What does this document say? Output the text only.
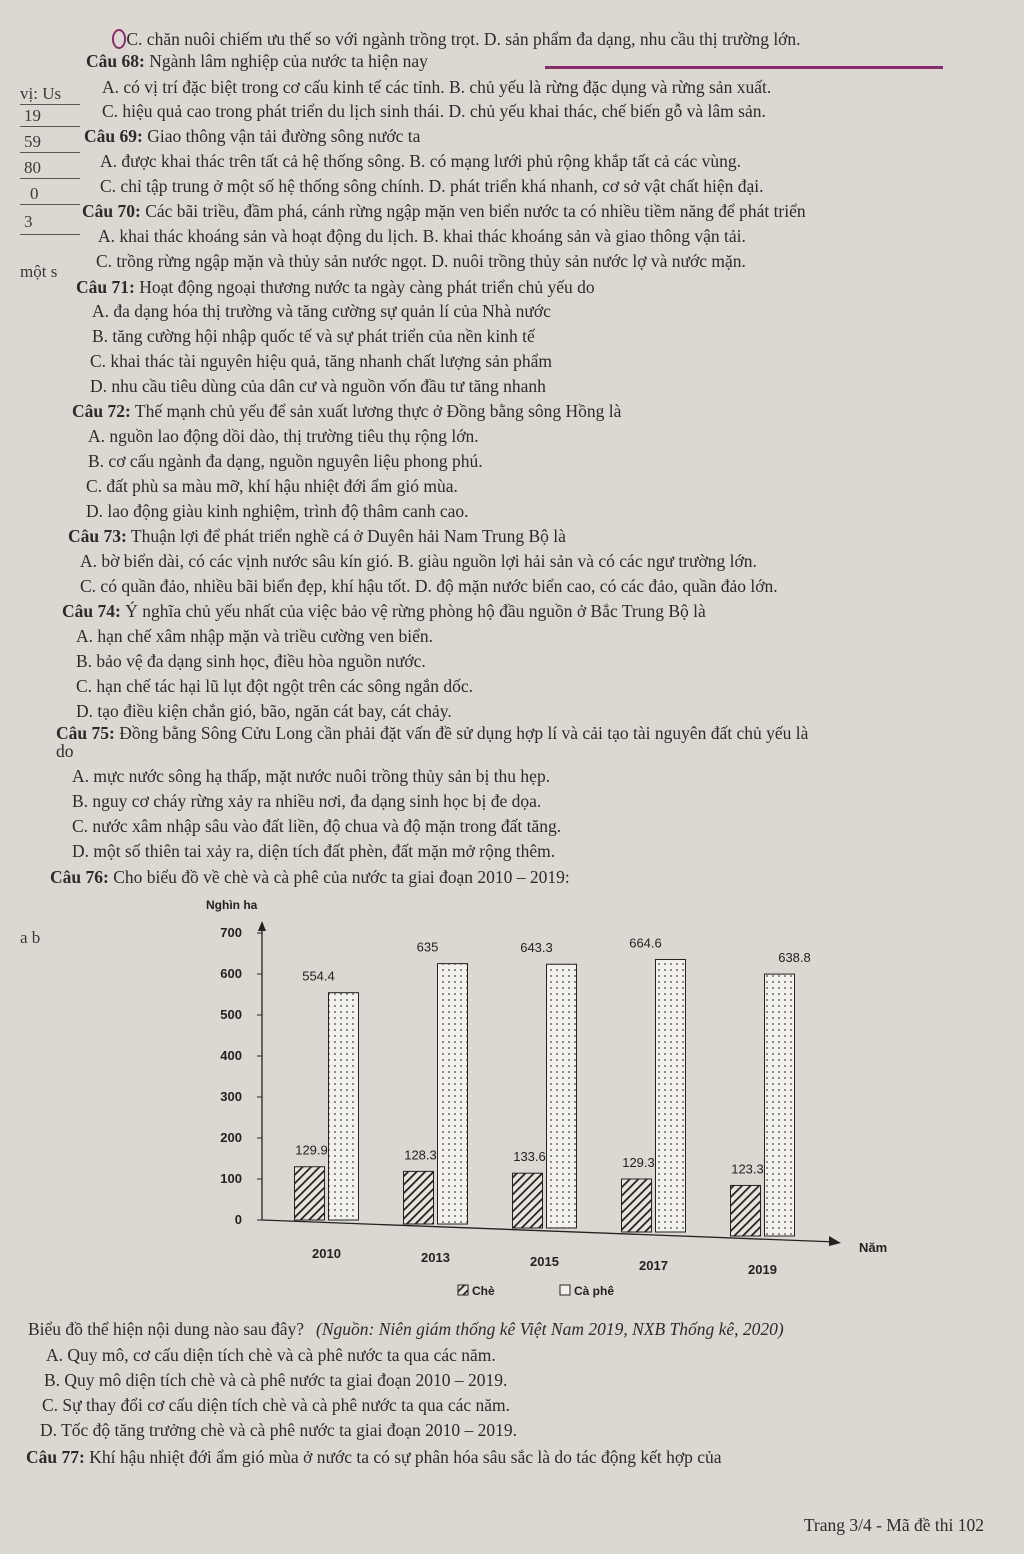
vị: Us
19
59
80
0
3
một s
a b
C. chăn nuôi chiếm ưu thế so với ngành trồng trọt. D. sản phẩm đa dạng, nhu cầu thị trường lớn.
Câu 68: Ngành lâm nghiệp của nước ta hiện nay
A. có vị trí đặc biệt trong cơ cấu kinh tế các tỉnh. B. chủ yếu là rừng đặc dụng và rừng sản xuất.
C. hiệu quả cao trong phát triển du lịch sinh thái. D. chủ yếu khai thác, chế biến gỗ và lâm sản.
Câu 69: Giao thông vận tải đường sông nước ta
A. được khai thác trên tất cả hệ thống sông. B. có mạng lưới phủ rộng khắp tất cả các vùng.
C. chỉ tập trung ở một số hệ thống sông chính. D. phát triển khá nhanh, cơ sở vật chất hiện đại.
Câu 70: Các bãi triều, đầm phá, cánh rừng ngập mặn ven biển nước ta có nhiều tiềm năng để phát triển
A. khai thác khoáng sản và hoạt động du lịch. B. khai thác khoáng sản và giao thông vận tải.
C. trồng rừng ngập mặn và thủy sản nước ngọt. D. nuôi trồng thủy sản nước lợ và nước mặn.
Câu 71: Hoạt động ngoại thương nước ta ngày càng phát triển chủ yếu do
A. đa dạng hóa thị trường và tăng cường sự quản lí của Nhà nước
B. tăng cường hội nhập quốc tế và sự phát triển của nền kinh tế
C. khai thác tài nguyên hiệu quả, tăng nhanh chất lượng sản phẩm
D. nhu cầu tiêu dùng của dân cư và nguồn vốn đầu tư tăng nhanh
Câu 72: Thế mạnh chủ yếu để sản xuất lương thực ở Đồng bằng sông Hồng là
A. nguồn lao động dồi dào, thị trường tiêu thụ rộng lớn.
B. cơ cấu ngành đa dạng, nguồn nguyên liệu phong phú.
C. đất phù sa màu mỡ, khí hậu nhiệt đới ẩm gió mùa.
D. lao động giàu kinh nghiệm, trình độ thâm canh cao.
Câu 73: Thuận lợi để phát triển nghề cá ở Duyên hải Nam Trung Bộ là
A. bờ biển dài, có các vịnh nước sâu kín gió. B. giàu nguồn lợi hải sản và có các ngư trường lớn.
C. có quần đảo, nhiều bãi biển đẹp, khí hậu tốt. D. độ mặn nước biển cao, có các đảo, quần đảo lớn.
Câu 74: Ý nghĩa chủ yếu nhất của việc bảo vệ rừng phòng hộ đầu nguồn ở Bắc Trung Bộ là
A. hạn chế xâm nhập mặn và triều cường ven biển.
B. bảo vệ đa dạng sinh học, điều hòa nguồn nước.
C. hạn chế tác hại lũ lụt đột ngột trên các sông ngắn dốc.
D. tạo điều kiện chắn gió, bão, ngăn cát bay, cát chảy.
Câu 75: Đồng bằng Sông Cửu Long cần phải đặt vấn đề sử dụng hợp lí và cải tạo tài nguyên đất chủ yếu là
do
A. mực nước sông hạ thấp, mặt nước nuôi trồng thủy sản bị thu hẹp.
B. nguy cơ cháy rừng xảy ra nhiều nơi, đa dạng sinh học bị đe dọa.
C. nước xâm nhập sâu vào đất liền, độ chua và độ mặn trong đất tăng.
D. một số thiên tai xảy ra, diện tích đất phèn, đất mặn mở rộng thêm.
Câu 76: Cho biểu đồ về chè và cà phê của nước ta giai đoạn 2010 – 2019:
Nghìn ha
Năm
0
100
200
300
400
500
600
700
129.9
554.4
2010
128.3
635
2013
133.6
643.3
2015
129.3
664.6
2017
123.3
638.8
2019
Chè	Cà phê
(Nguồn: Niên giám thống kê Việt Nam 2019, NXB Thống kê, 2020)
Biểu đồ thể hiện nội dung nào sau đây?
A. Quy mô, cơ cấu diện tích chè và cà phê nước ta qua các năm.
B. Quy mô diện tích chè và cà phê nước ta giai đoạn 2010 – 2019.
C. Sự thay đổi cơ cấu diện tích chè và cà phê nước ta qua các năm.
D. Tốc độ tăng trưởng chè và cà phê nước ta giai đoạn 2010 – 2019.
Câu 77: Khí hậu nhiệt đới ẩm gió mùa ở nước ta có sự phân hóa sâu sắc là do tác động kết hợp của
Trang 3/4 - Mã đề thi 102
